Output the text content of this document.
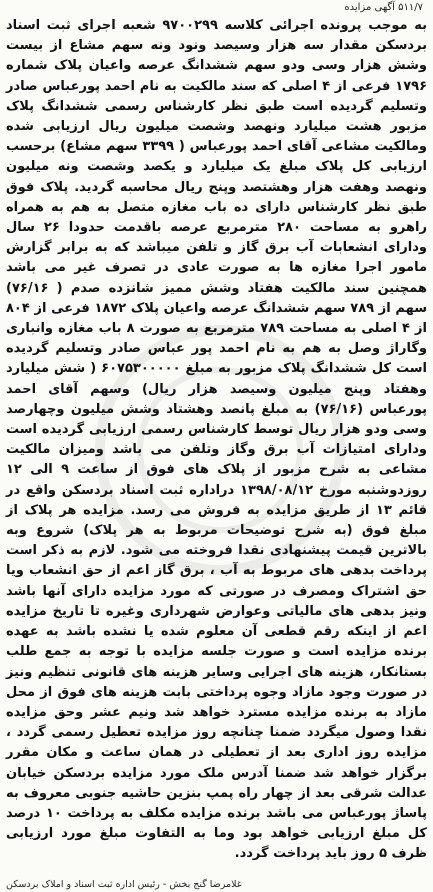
۵۱۱/۷ آگهی مزایده

به موجب پرونده اجرائی کلاسه ۹۷۰۰۲۹۹ شعبه اجرای ثبت اسناد بردسکن مقدار سه هزار وسیصد ونود ونه سهم مشاع از بیست وشش هزار وسی ودو سهم ششدانگ عرصه واعیان پلاک شماره ۱۷۹۶ فرعی از ۴ اصلی که سند مالکیت به نام احمد پورعباس صادر وتسلیم گردیده است طبق نظر کارشناس رسمی ششدانگ پلاک مزبور هشت میلیارد ونهصد وشصت میلیون ریال ارزیابی شده ومالکیت مشاعی آقای احمد پورعباس ( ۳۳۹۹ سهم مشاع) برحسب ارزیابی کل پلاک مبلغ یک میلیارد و یکصد وشصت ونه میلیون ونهصد وهفت هزار وهشتصد وپنج ریال محاسبه گردید. پلاک فوق طبق نظر کارشناس دارای ده باب مغازه متصل به هم به همراه راهرو به مساحت ۲۸۰ مترمربع عرصه باقدمت حدودا ۲۶ سال ودارای انشعابات آب برق گاز و تلفن میباشد که به برابر گزارش مامور اجرا مغازه ها به صورت عادی در تصرف غیر می باشد همچنین سند مالکیت هفتاد وشش ممیز شانزده صدم ( ۷۶/۱۶) سهم از ۷۸۹ سهم ششدانگ عرصه واعیان پلاک ۱۸۷۲ فرعی از ۸۰۴ از ۴ اصلی به مساحت ۷۸۹ مترمربع به صورت ۸ باب مغازه وانباری وگاراژ وصل به هم به نام احمد پور عباس صادر وتسلیم گردیده است کل ششدانگ پلاک مزبور به مبلغ ۶۰۷۵۳۰۰۰۰۰ ( شش میلیارد وهفتاد وپنج میلیون وسیصد هزار ریال) وسهم آقای احمد پورعباس (۷۶/۱۶) به مبلغ پانصد وهشتاد وشش میلیون وچهارصد وسی ودو هزار ریال توسط کارشناس رسمی ارزیابی گردیده است ودارای امتیازات آب برق وگاز وتلفن می باشد ومیزان مالکیت مشاعی به شرح مزبور از پلاک های فوق از ساعت ۹ الی ۱۲ روزدوشنبه مورخ ۱۳۹۸/۰۸/۱۲ دراداره ثبت اسناد بردسکن واقع در قائم ۱۳ از طریق مزایده به فروش می رسد. مزایده هر پلاک از مبلغ فوق (به شرح توضیحات مربوط به هر پلاک) شروع وبه بالاترین قیمت پیشنهادی نقدا فروخته می شود. لازم به ذکر است پرداخت بدهی های مربوط به آب ، برق گاز اعم از حق انشعاب ویا حق اشتراک ومصرف در صورتی که مورد مزایده دارای آنها باشد ونیز بدهی های مالیاتی وعوارض شهرداری وغیره تا تاریخ مزایده اعم از اینکه رقم قطعی آن معلوم شده یا نشده باشد به عهده برنده مزایده است و صورت جلسه مزایده با توجه به جمع طلب بستانکار، هزینه های اجرایی وسایر هزینه های قانونی تنظیم ونیز در صورت وجود مازاد وجوه پرداختی بابت هزینه های فوق از محل مازاد به برنده مزایده مسترد خواهد شد ونیم عشر وحق مزایده نقدا وصول میگردد ضمنا چنانچه روز مزایده تعطیل رسمی گردد ، مزایده روز اداری بعد از تعطیلی در همان ساعت و مکان مقرر برگزار خواهد شد ضمنا آدرس ملک مورد مزایده بردسکن خیابان عدالت شرقی بعد از چهار راه پمپ بنزین حاشیه جنوبی معروف به پاساژ پورعباس می باشد برنده مزایده مکلف به پرداخت ۱۰ درصد کل مبلغ ارزیابی خواهد بود وما به التفاوت مبلغ مورد ارزیابی ظرف ۵ روز باید پرداخت گردد.

غلامرضا گنج بخش - رئیس اداره ثبت اسناد و املاک بردسکن
